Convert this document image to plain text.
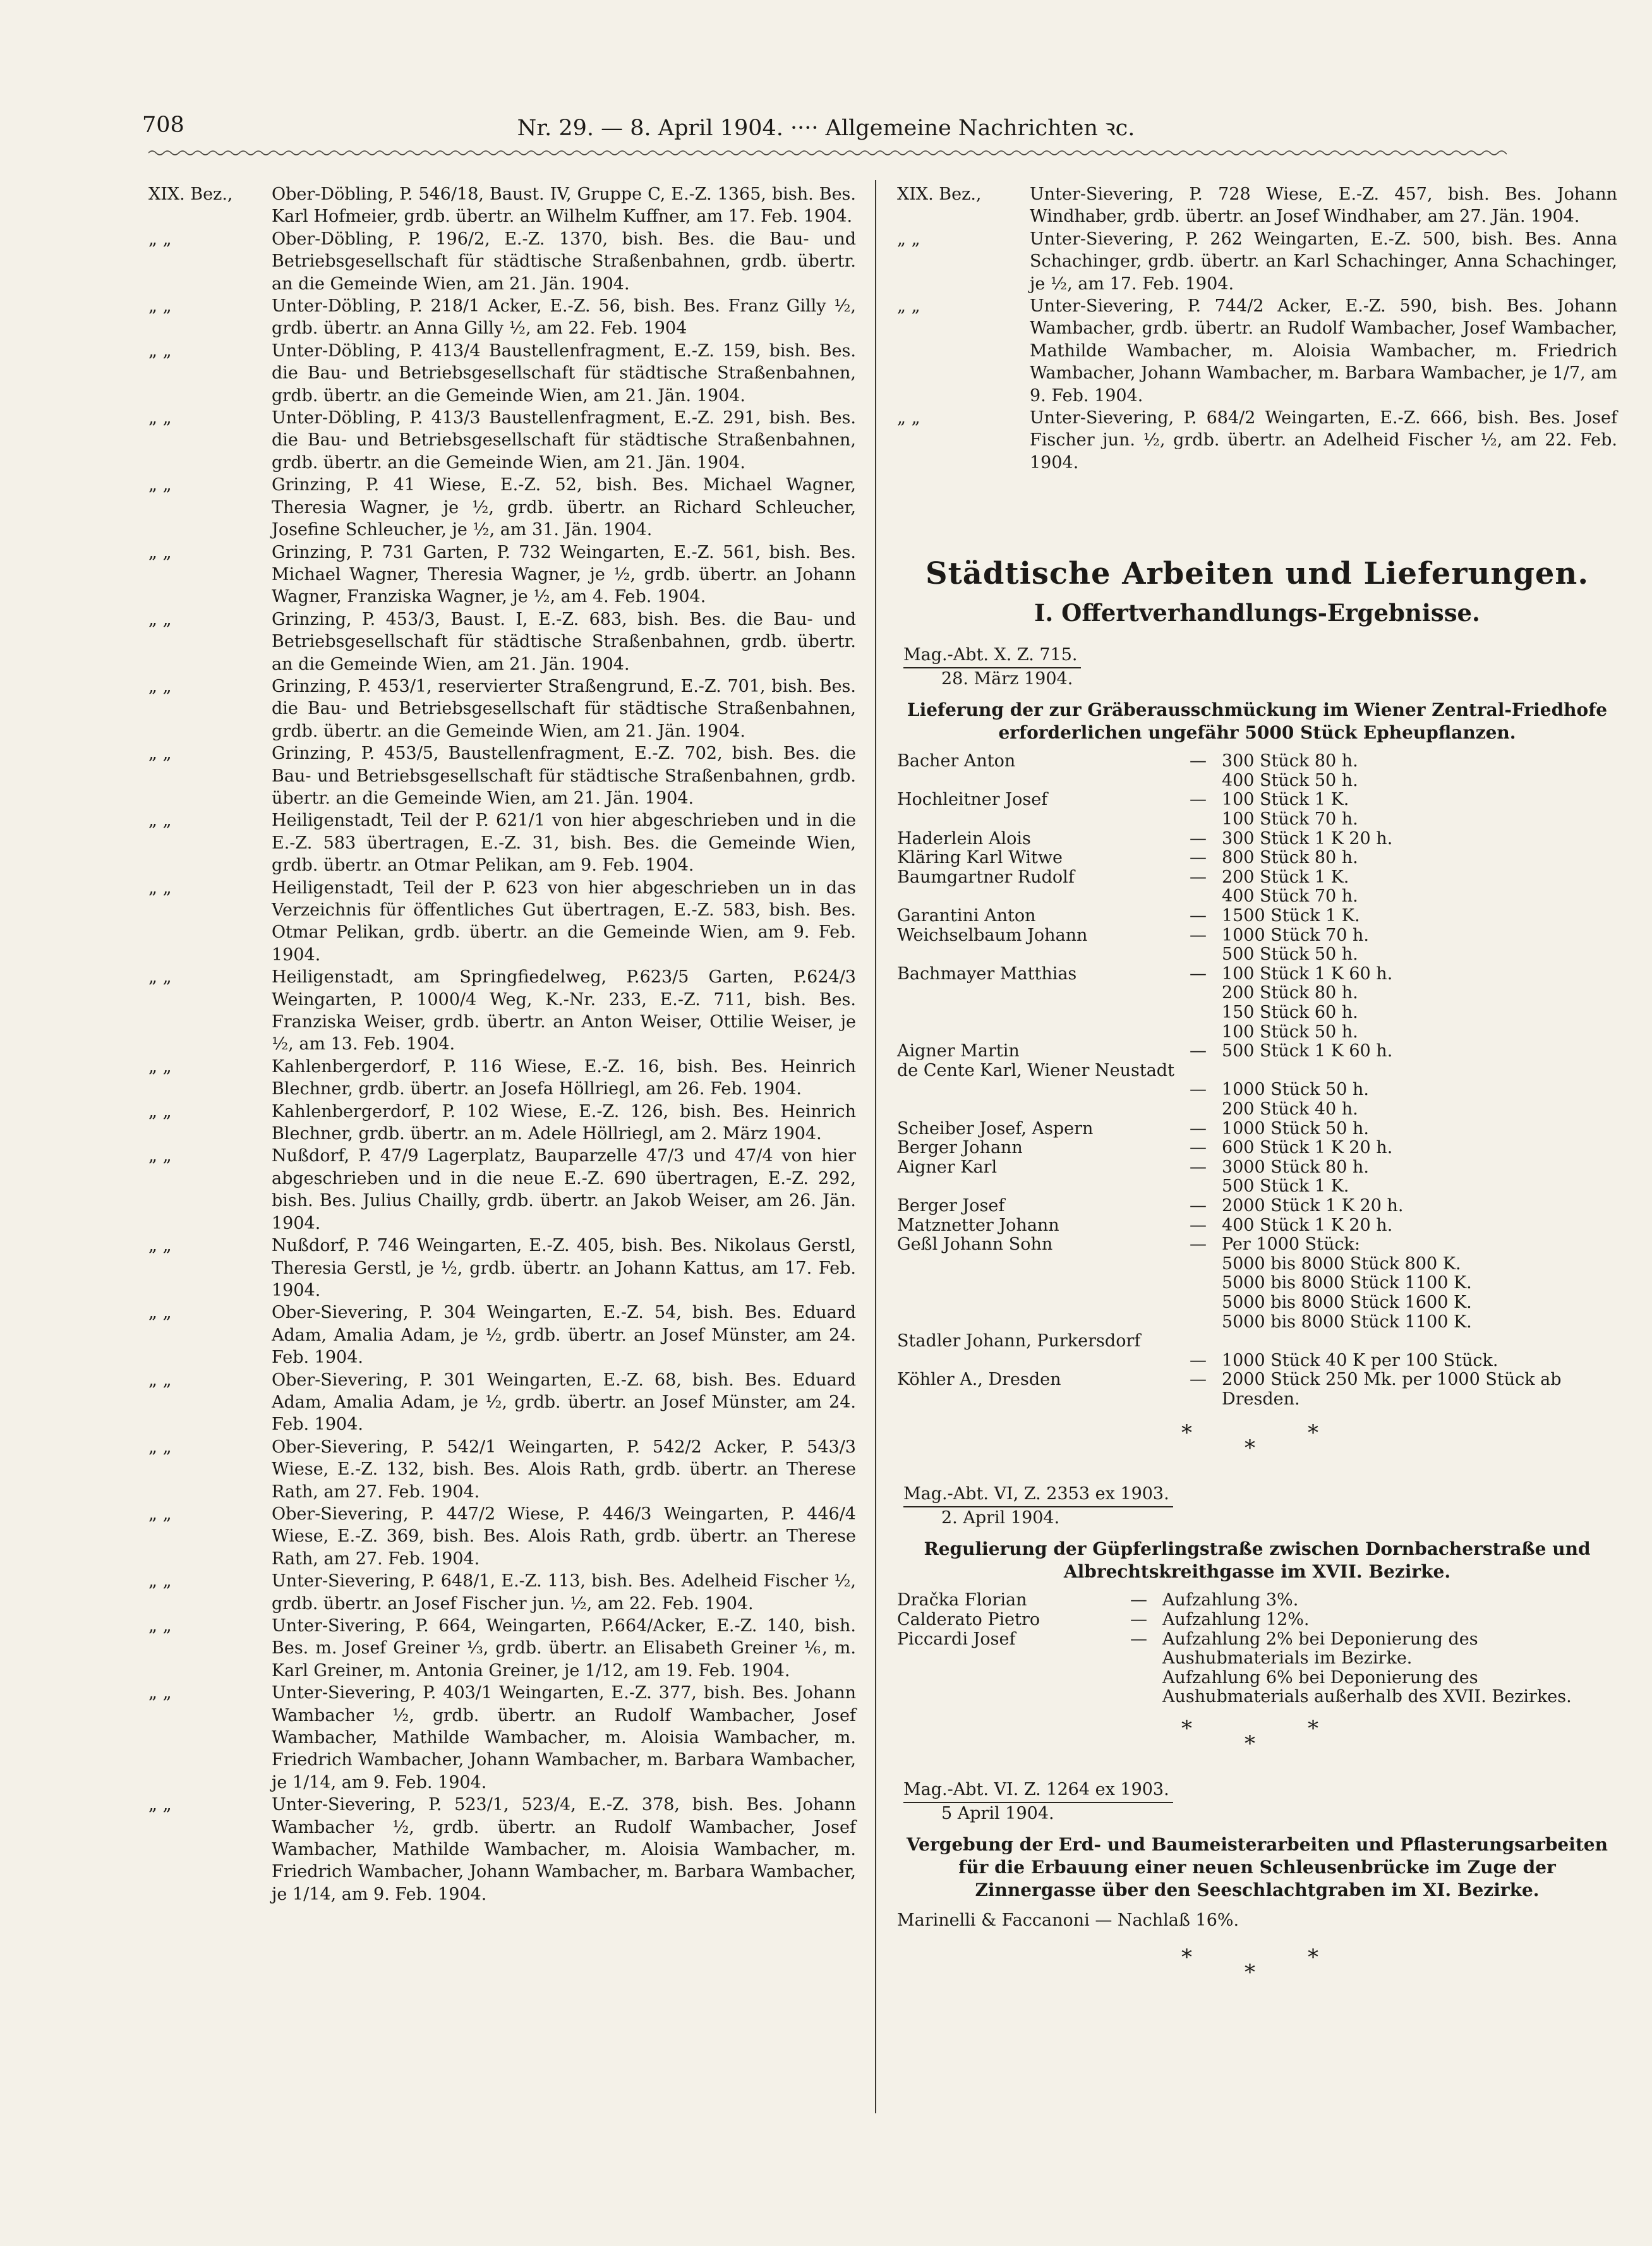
708	Nr. 29. — 8. April 1904. ···· Allgemeine Nachrichten ꝛc.
XIX. Bez.,	Ober-Döbling, P. 546/18, Baust. IV, Gruppe C, E.-Z. 1365, bish. Bes. Karl Hofmeier, grdb. übertr. an Wilhelm Kuffner, am 17. Feb. 1904.
„ „	Ober-Döbling, P. 196/2, E.-Z. 1370, bish. Bes. die Bau- und Betriebsgesellschaft für städtische Straßenbahnen, grdb. übertr. an die Gemeinde Wien, am 21. Jän. 1904.
„ „	Unter-Döbling, P. 218/1 Acker, E.-Z. 56, bish. Bes. Franz Gilly ½, grdb. übertr. an Anna Gilly ½, am 22. Feb. 1904
„ „	Unter-Döbling, P. 413/4 Baustellenfragment, E.-Z. 159, bish. Bes. die Bau- und Betriebsgesellschaft für städtische Straßenbahnen, grdb. übertr. an die Gemeinde Wien, am 21. Jän. 1904.
„ „	Unter-Döbling, P. 413/3 Baustellenfragment, E.-Z. 291, bish. Bes. die Bau- und Betriebsgesellschaft für städtische Straßenbahnen, grdb. übertr. an die Gemeinde Wien, am 21. Jän. 1904.
„ „	Grinzing, P. 41 Wiese, E.-Z. 52, bish. Bes. Michael Wagner, Theresia Wagner, je ½, grdb. übertr. an Richard Schleucher, Josefine Schleucher, je ½, am 31. Jän. 1904.
„ „	Grinzing, P. 731 Garten, P. 732 Weingarten, E.-Z. 561, bish. Bes. Michael Wagner, Theresia Wagner, je ½, grdb. übertr. an Johann Wagner, Franziska Wagner, je ½, am 4. Feb. 1904.
„ „	Grinzing, P. 453/3, Baust. I, E.-Z. 683, bish. Bes. die Bau- und Betriebsgesellschaft für städtische Straßenbahnen, grdb. übertr. an die Gemeinde Wien, am 21. Jän. 1904.
„ „	Grinzing, P. 453/1, reservierter Straßengrund, E.-Z. 701, bish. Bes. die Bau- und Betriebsgesellschaft für städtische Straßenbahnen, grdb. übertr. an die Gemeinde Wien, am 21. Jän. 1904.
„ „	Grinzing, P. 453/5, Baustellenfragment, E.-Z. 702, bish. Bes. die Bau- und Betriebsgesellschaft für städtische Straßenbahnen, grdb. übertr. an die Gemeinde Wien, am 21. Jän. 1904.
„ „	Heiligenstadt, Teil der P. 621/1 von hier abgeschrieben und in die E.-Z. 583 übertragen, E.-Z. 31, bish. Bes. die Gemeinde Wien, grdb. übertr. an Otmar Pelikan, am 9. Feb. 1904.
„ „	Heiligenstadt, Teil der P. 623 von hier abgeschrieben un in das Verzeichnis für öffentliches Gut übertragen, E.-Z. 583, bish. Bes. Otmar Pelikan, grdb. übertr. an die Gemeinde Wien, am 9. Feb. 1904.
„ „	Heiligenstadt, am Springfiedelweg, P.623/5 Garten, P.624/3 Weingarten, P. 1000/4 Weg, K.-Nr. 233, E.-Z. 711, bish. Bes. Franziska Weiser, grdb. übertr. an Anton Weiser, Ottilie Weiser, je ½, am 13. Feb. 1904.
„ „	Kahlenbergerdorf, P. 116 Wiese, E.-Z. 16, bish. Bes. Heinrich Blechner, grdb. übertr. an Josefa Höllriegl, am 26. Feb. 1904.
„ „	Kahlenbergerdorf, P. 102 Wiese, E.-Z. 126, bish. Bes. Heinrich Blechner, grdb. übertr. an m. Adele Höllriegl, am 2. März 1904.
„ „	Nußdorf, P. 47/9 Lagerplatz, Bauparzelle 47/3 und 47/4 von hier abgeschrieben und in die neue E.-Z. 690 übertragen, E.-Z. 292, bish. Bes. Julius Chailly, grdb. übertr. an Jakob Weiser, am 26. Jän. 1904.
„ „	Nußdorf, P. 746 Weingarten, E.-Z. 405, bish. Bes. Nikolaus Gerstl, Theresia Gerstl, je ½, grdb. übertr. an Johann Kattus, am 17. Feb. 1904.
„ „	Ober-Sievering, P. 304 Weingarten, E.-Z. 54, bish. Bes. Eduard Adam, Amalia Adam, je ½, grdb. übertr. an Josef Münster, am 24. Feb. 1904.
„ „	Ober-Sievering, P. 301 Weingarten, E.-Z. 68, bish. Bes. Eduard Adam, Amalia Adam, je ½, grdb. übertr. an Josef Münster, am 24. Feb. 1904.
„ „	Ober-Sievering, P. 542/1 Weingarten, P. 542/2 Acker, P. 543/3 Wiese, E.-Z. 132, bish. Bes. Alois Rath, grdb. übertr. an Therese Rath, am 27. Feb. 1904.
„ „	Ober-Sievering, P. 447/2 Wiese, P. 446/3 Weingarten, P. 446/4 Wiese, E.-Z. 369, bish. Bes. Alois Rath, grdb. übertr. an Therese Rath, am 27. Feb. 1904.
„ „	Unter-Sievering, P. 648/1, E.-Z. 113, bish. Bes. Adelheid Fischer ½, grdb. übertr. an Josef Fischer jun. ½, am 22. Feb. 1904.
„ „	Unter-Sivering, P. 664, Weingarten, P.664/Acker, E.-Z. 140, bish. Bes. m. Josef Greiner ⅓, grdb. übertr. an Elisabeth Greiner ⅙, m. Karl Greiner, m. Antonia Greiner, je 1/12, am 19. Feb. 1904.
„ „	Unter-Sievering, P. 403/1 Weingarten, E.-Z. 377, bish. Bes. Johann Wambacher ½, grdb. übertr. an Rudolf Wambacher, Josef Wambacher, Mathilde Wambacher, m. Aloisia Wambacher, m. Friedrich Wambacher, Johann Wambacher, m. Barbara Wambacher, je 1/14, am 9. Feb. 1904.
„ „	Unter-Sievering, P. 523/1, 523/4, E.-Z. 378, bish. Bes. Johann Wambacher ½, grdb. übertr. an Rudolf Wambacher, Josef Wambacher, Mathilde Wambacher, m. Aloisia Wambacher, m. Friedrich Wambacher, Johann Wambacher, m. Barbara Wambacher, je 1/14, am 9. Feb. 1904.
XIX. Bez.,	Unter-Sievering, P. 728 Wiese, E.-Z. 457, bish. Bes. Johann Windhaber, grdb. übertr. an Josef Windhaber, am 27. Jän. 1904.
„ „	Unter-Sievering, P. 262 Weingarten, E.-Z. 500, bish. Bes. Anna Schachinger, grdb. übertr. an Karl Schachinger, Anna Schachinger, je ½, am 17. Feb. 1904.
„ „	Unter-Sievering, P. 744/2 Acker, E.-Z. 590, bish. Bes. Johann Wambacher, grdb. übertr. an Rudolf Wambacher, Josef Wambacher, Mathilde Wambacher, m. Aloisia Wambacher, m. Friedrich Wambacher, Johann Wambacher, m. Barbara Wambacher, je 1/7, am 9. Feb. 1904.
„ „	Unter-Sievering, P. 684/2 Weingarten, E.-Z. 666, bish. Bes. Josef Fischer jun. ½, grdb. übertr. an Adelheid Fischer ½, am 22. Feb. 1904.
Städtische Arbeiten und Lieferungen.
I. Offertverhandlungs-Ergebnisse.
Mag.-Abt. X. Z. 715.
28. März 1904.
Lieferung der zur Gräberausschmückung im Wiener Zentral-Friedhofe erforderlichen ungefähr 5000 Stück Epheupflanzen.
Bacher Anton	—	300 Stück 80 h.
		400 Stück 50 h.
Hochleitner Josef	—	100 Stück 1 K.
		100 Stück 70 h.
Haderlein Alois	—	300 Stück 1 K 20 h.
Kläring Karl Witwe	—	800 Stück 80 h.
Baumgartner Rudolf	—	200 Stück 1 K.
		400 Stück 70 h.
Garantini Anton	—	1500 Stück 1 K.
Weichselbaum Johann	—	1000 Stück 70 h.
		500 Stück 50 h.
Bachmayer Matthias	—	100 Stück 1 K 60 h.
		200 Stück 80 h.
		150 Stück 60 h.
		100 Stück 50 h.
Aigner Martin	—	500 Stück 1 K 60 h.
de Cente Karl, Wiener Neustadt		
	—	1000 Stück 50 h.
		200 Stück 40 h.
Scheiber Josef, Aspern	—	1000 Stück 50 h.
Berger Johann	—	600 Stück 1 K 20 h.
Aigner Karl	—	3000 Stück 80 h.
		500 Stück 1 K.
Berger Josef	—	2000 Stück 1 K 20 h.
Matznetter Johann	—	400 Stück 1 K 20 h.
Geßl Johann Sohn	—	Per 1000 Stück:
		5000 bis 8000 Stück 800 K.
		5000 bis 8000 Stück 1100 K.
		5000 bis 8000 Stück 1600 K.
		5000 bis 8000 Stück 1100 K.
Stadler Johann, Purkersdorf		
	—	1000 Stück 40 K per 100 Stück.
Köhler A., Dresden	—	2000 Stück 250 Mk. per 1000 Stück ab Dresden.
*
*
*
Mag.-Abt. VI, Z. 2353 ex 1903.
2. April 1904.
Regulierung der Güpferlingstraße zwischen Dornbacherstraße und Albrechtskreithgasse im XVII. Bezirke.
Dračka Florian	—	Aufzahlung 3%.
Calderato Pietro	—	Aufzahlung 12%.
Piccardi Josef	—	Aufzahlung 2% bei Deponierung des Aushubmaterials im Bezirke.
		Aufzahlung 6% bei Deponierung des Aushubmaterials außerhalb des XVII. Bezirkes.
*
*
*
Mag.-Abt. VI. Z. 1264 ex 1903.
5 April 1904.
Vergebung der Erd- und Baumeisterarbeiten und Pflasterungsarbeiten für die Erbauung einer neuen Schleusenbrücke im Zuge der Zinnergasse über den Seeschlachtgraben im XI. Bezirke.
Marinelli & Faccanoni — Nachlaß 16%.
*
*
*
